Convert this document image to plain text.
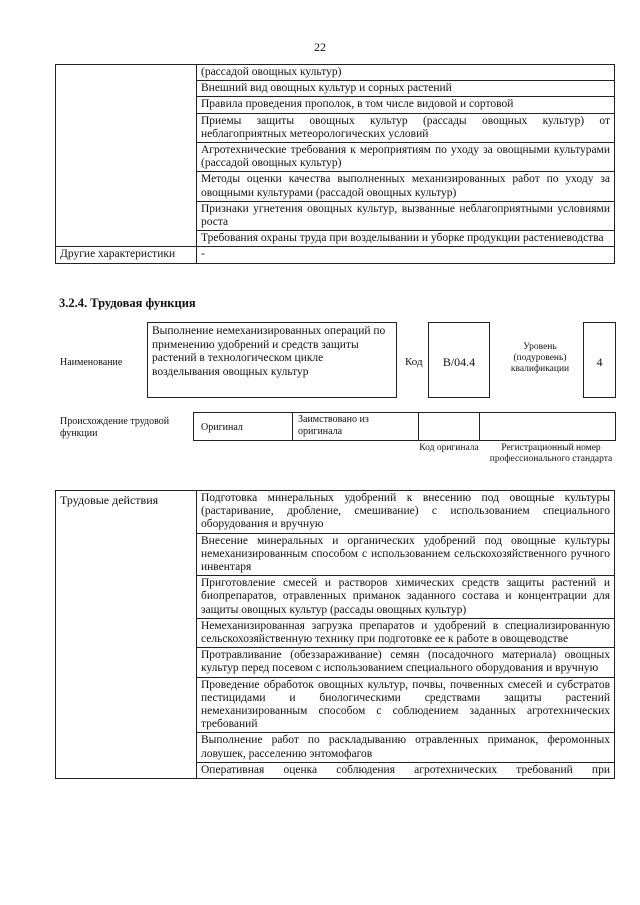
22
	(рассадой овощных культур)
	Внешний вид овощных культур и сорных растений
	Правила проведения прополок, в том числе видовой и сортовой
	Приемы защиты овощных культур (рассады овощных культур) от неблагоприятных метеорологических условий
	Агротехнические требования к мероприятиям по уходу за овощными культурами (рассадой овощных культур)
	Методы оценки качества выполненных механизированных работ по уходу за овощными культурами (рассадой овощных культур)
	Признаки угнетения овощных культур, вызванные неблагоприятными условиями роста
	Требования охраны труда при возделывании и уборке продукции растениеводства
Другие характеристики	-
3.2.4. Трудовая функция
Наименование
Выполнение немеханизированных операций по применению удобрений и средств защиты растений в технологическом цикле возделывания овощных культур
Код	В/04.4
Уровень (подуровень) квалификации	4
Происхождение трудовой функции
Оригинал
Заимствовано из оригинала
Код оригинала	Регистрационный номер профессионального стандарта
Трудовые действия	Подготовка минеральных удобрений к внесению под овощные культуры (растаривание, дробление, смешивание) с использованием специального оборудования и вручную
Внесение минеральных и органических удобрений под овощные культуры немеханизированным способом с использованием сельскохозяйственного ручного инвентаря
Приготовление смесей и растворов химических средств защиты растений и биопрепаратов, отравленных приманок заданного состава и концентрации для защиты овощных культур (рассады овощных культур)
Немеханизированная загрузка препаратов и удобрений в специализированную сельскохозяйственную технику при подготовке ее к работе в овощеводстве
Протравливание (обеззараживание) семян (посадочного материала) овощных культур перед посевом с использованием специального оборудования и вручную
Проведение обработок овощных культур, почвы, почвенных смесей и субстратов пестицидами и биологическими средствами защиты растений немеханизированным способом с соблюдением заданных агротехнических требований
Выполнение работ по раскладыванию отравленных приманок, феромонных ловушек, расселению энтомофагов
Оперативная оценка соблюдения агротехнических требований при
